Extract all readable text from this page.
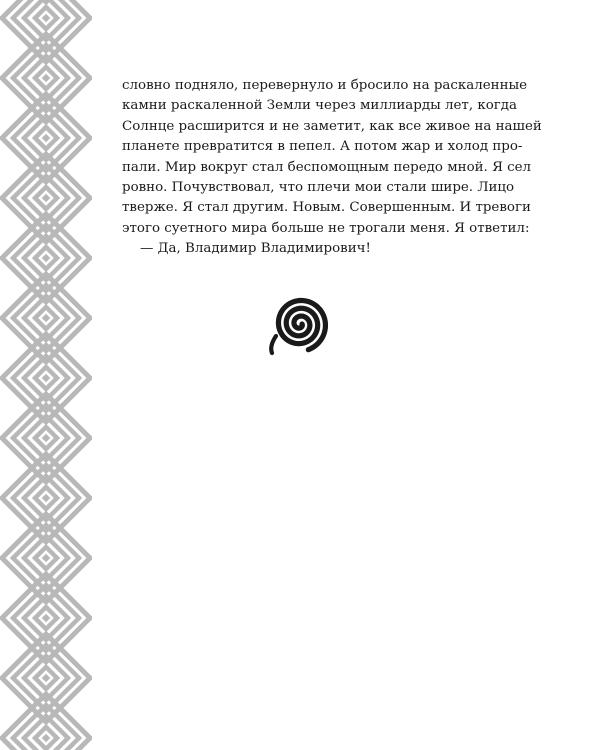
словно подняло, перевернуло и бросило на раскаленные
камни раскаленной Земли через миллиарды лет, когда
Солнце расширится и не заметит, как все живое на нашей
планете превратится в пепел. А потом жар и холод про-
пали. Мир вокруг стал беспомощным передо мной. Я сел
ровно. Почувствовал, что плечи мои стали шире. Лицо
тверже. Я стал другим. Новым. Совершенным. И тревоги
этого суетного мира больше не трогали меня. Я ответил:
— Да, Владимир Владимирович!
